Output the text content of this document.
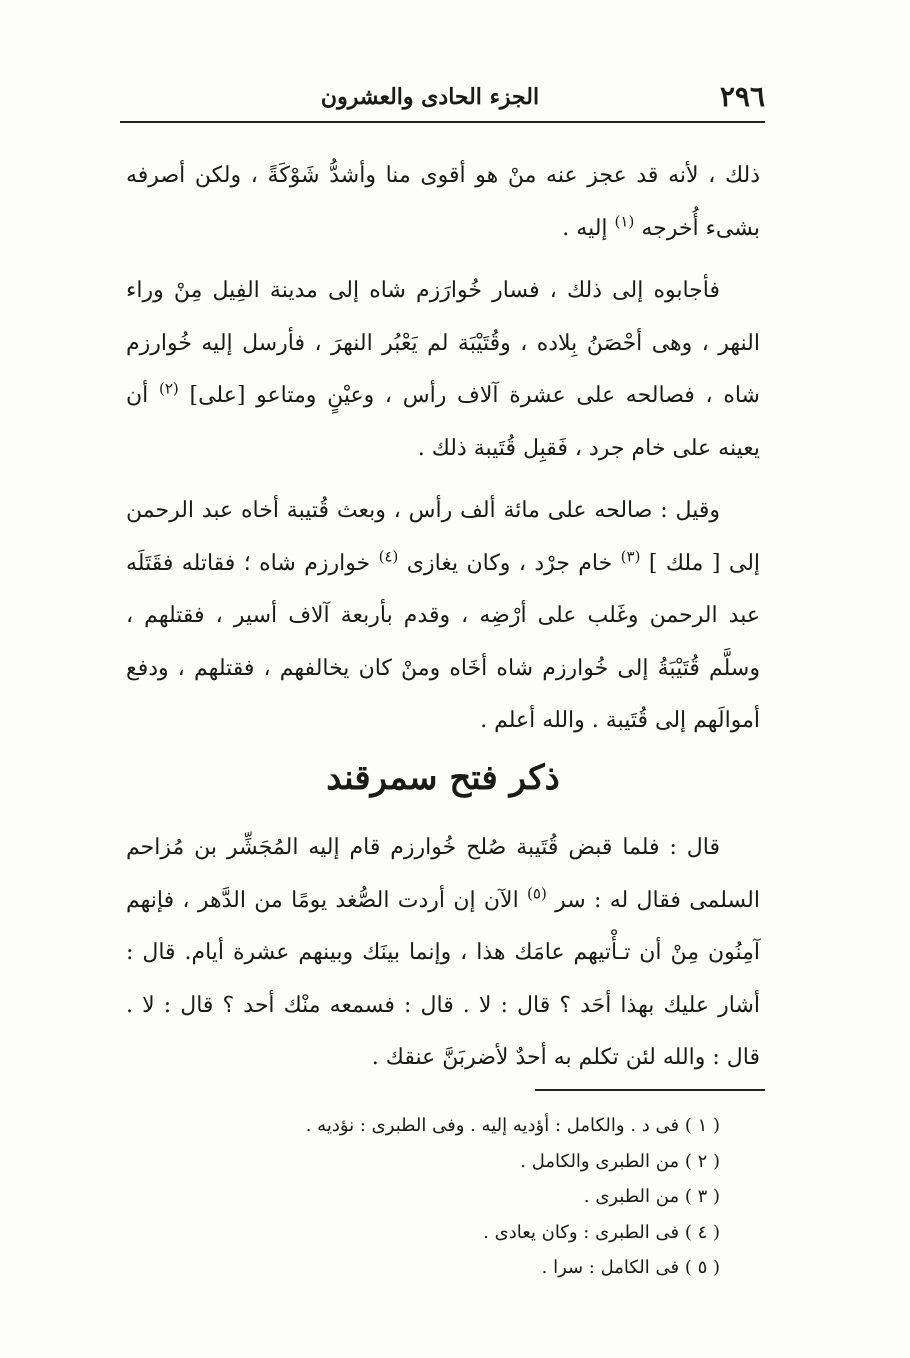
٢٩٦
الجزء الحادى والعشرون

ذلك ، لأنه قد عجز عنه منْ هو أقوى منا وأشدُّ شَوْكَةً ، ولكن أصرفه بشىء أُخرجه $^{(١)}$ إليه .

فأجابوه إلى ذلك ، فسار خُوارَزم شاه إلى مدينة الفِيل مِنْ وراء النهر ، وهى أحْصَنُ بِلاده ، وقُتَيْبَة لم يَعْبُر النهرَ ، فأرسل إليه خُوارزم شاه ، فصالحه على عشرة آلاف رأس ، وعيْنٍ ومتاعو [على] $^{(٢)}$ أن يعينه على خام جرد ، فَقبِل قُتَيبة ذلك .

وقيل : صالحه على مائة ألف رأس ، وبعث قُتيبة أخاه عبد الرحمن إلى [ ملك ] $^{(٣)}$ خام جرْد ، وكان يغازى $^{(٤)}$ خوارزم شاه ؛ فقاتله فقَتَلَه عبد الرحمن وغَلب على أرْضِه ، وقدم بأربعة آلاف أسير ، فقتلهم ، وسلَّم قُتَيْبَةُ إلى خُوارزم شاه أخَاه ومنْ كان يخالفهم ، فقتلهم ، ودفع أموالَهم إلى قُتَيبة . والله أعلم .

ذكر فتح سمرقند

قال : فلما قبض قُتَيبة صُلح خُوارزم قام إليه المُجَشِّر بن مُزاحم السلمى فقال له : سر $^{(٥)}$ الآن إن أردت الصُّغد يومًا من الدَّهر ، فإنهم آمِنُون مِنْ أن تـأْتيهم عامَك هذا ، وإنما بينَك وبينهم عشرة أيام. قال : أشار عليك بهذا أحَد ؟ قال : لا . قال : فسمعه منْك أحد ؟ قال : لا . قال : والله لئن تكلم به أحدٌ لأضربَنَّ عنقك .

( ١ ) فى د . والكامل : أؤديه إليه . وفى الطبرى : نؤديه .

( ٢ ) من الطبرى والكامل .

( ٣ ) من الطبرى .

( ٤ ) فى الطبرى : وكان يعادى .

( ٥ ) فى الكامل : سرا .
